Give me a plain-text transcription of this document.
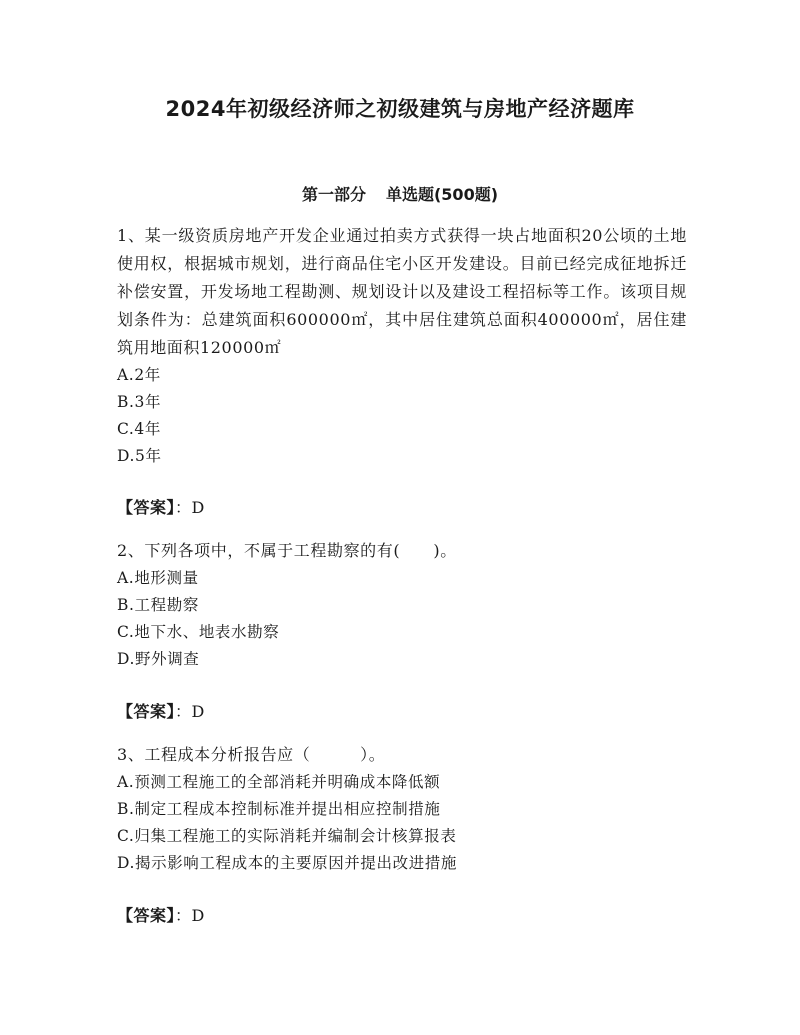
2024年初级经济师之初级建筑与房地产经济题库
第一部分 单选题(500题)

1、某一级资质房地产开发企业通过拍卖方式获得一块占地面积20公顷的土地使用权，根据城市规划，进行商品住宅小区开发建设。目前已经完成征地拆迁补偿安置，开发场地工程勘测、规划设计以及建设工程招标等工作。该项目规划条件为：总建筑面积600000㎡，其中居住建筑总面积400000㎡，居住建筑用地面积120000㎡

A.2年

B.3年

C.4年

D.5年

【答案】：D

2、下列各项中，不属于工程勘察的有(　　)。

A.地形测量

B.工程勘察

C.地下水、地表水勘察

D.野外调查

【答案】：D

3、工程成本分析报告应（　　　）。

A.预测工程施工的全部消耗并明确成本降低额

B.制定工程成本控制标准并提出相应控制措施

C.归集工程施工的实际消耗并编制会计核算报表

D.揭示影响工程成本的主要原因并提出改进措施

【答案】：D
